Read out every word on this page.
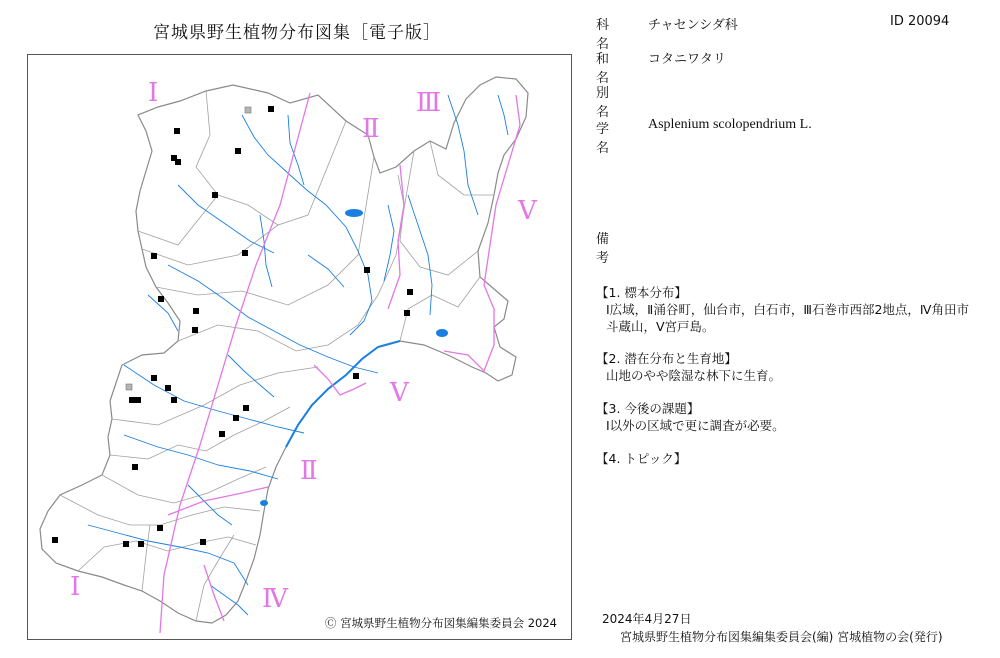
宮城県野生植物分布図集［電子版］
Ⅰ
Ⅱ
Ⅲ
Ⅴ
Ⅴ
Ⅱ
Ⅰ	Ⅳ
Ⓒ 宮城県野生植物分布図集編集委員会 2024
科 名
チャセンシダ科	ID 20094
和 名
コタニワタリ
別 名
学 名
Asplenium scolopendrium L.
備 考
【1. 標本分布】
Ⅰ広域，Ⅱ涌谷町，仙台市，白石市，Ⅲ石巻市西部2地点，Ⅳ角田市 斗蔵山，Ⅴ宮戸島。
【2. 潜在分布と生育地】
山地のやや陰湿な林下に生育。
【3. 今後の課題】
Ⅰ以外の区域で更に調査が必要。
【4. トピック】
2024年4月27日
宮城県野生植物分布図集編集委員会(編) 宮城植物の会(発行)
